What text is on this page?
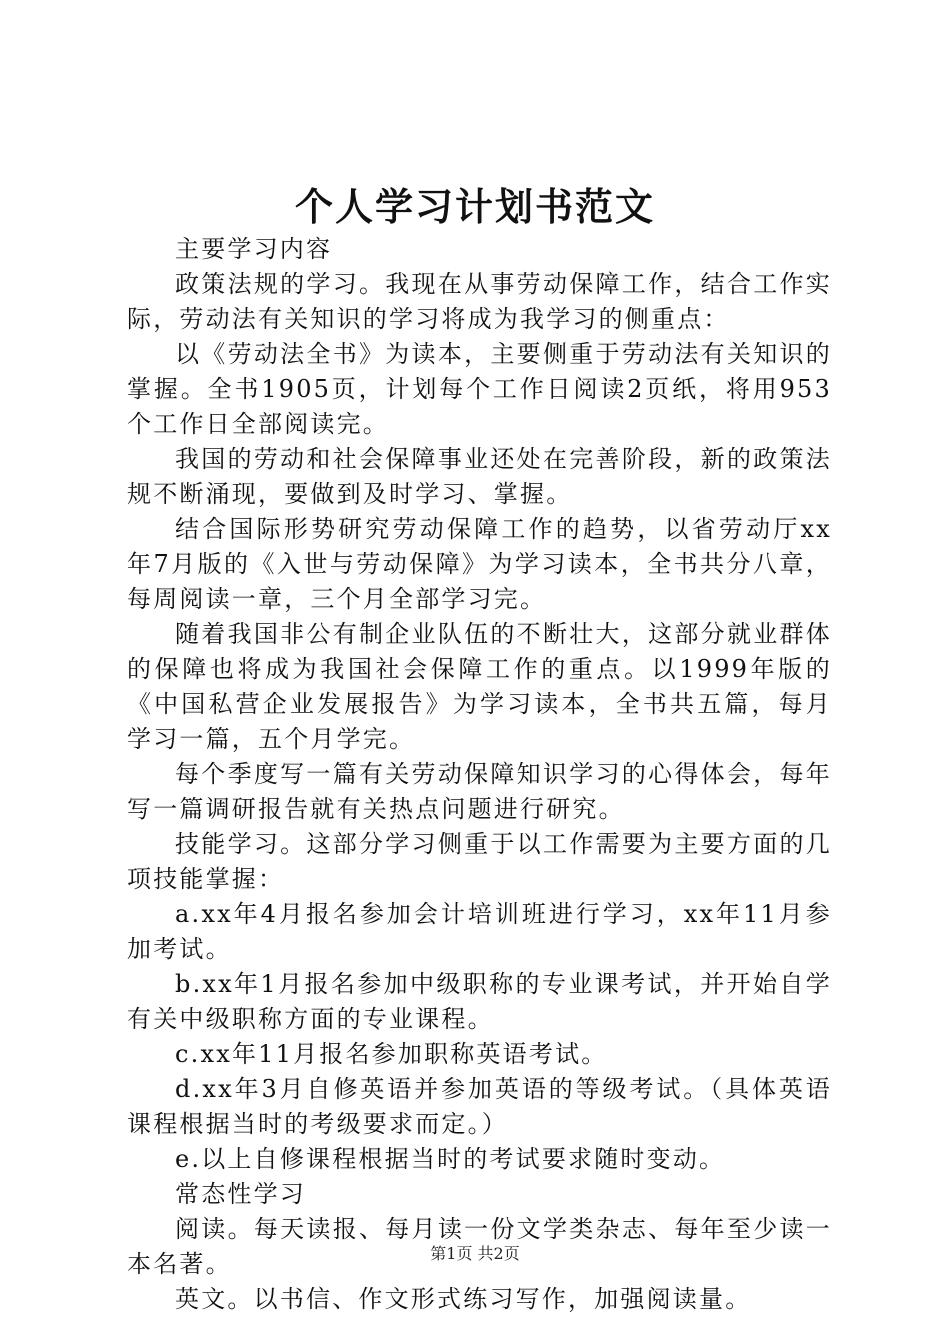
个人学习计划书范文

主要学习内容

政策法规的学习。我现在从事劳动保障工作，结合工作实际，劳动法有关知识的学习将成为我学习的侧重点：

以《劳动法全书》为读本，主要侧重于劳动法有关知识的掌握。全书1905页，计划每个工作日阅读2页纸，将用953个工作日全部阅读完。

我国的劳动和社会保障事业还处在完善阶段，新的政策法规不断涌现，要做到及时学习、掌握。

结合国际形势研究劳动保障工作的趋势，以省劳动厅xx年7月版的《入世与劳动保障》为学习读本，全书共分八章，每周阅读一章，三个月全部学习完。

随着我国非公有制企业队伍的不断壮大，这部分就业群体的保障也将成为我国社会保障工作的重点。以1999年版的《中国私营企业发展报告》为学习读本，全书共五篇，每月学习一篇，五个月学完。

每个季度写一篇有关劳动保障知识学习的心得体会，每年写一篇调研报告就有关热点问题进行研究。

技能学习。这部分学习侧重于以工作需要为主要方面的几项技能掌握：

a.xx年4月报名参加会计培训班进行学习，xx年11月参加考试。

b.xx年1月报名参加中级职称的专业课考试，并开始自学有关中级职称方面的专业课程。

c.xx年11月报名参加职称英语考试。

d.xx年3月自修英语并参加英语的等级考试。（具体英语课程根据当时的考级要求而定。）

e.以上自修课程根据当时的考试要求随时变动。

常态性学习

阅读。每天读报、每月读一份文学类杂志、每年至少读一本名著。

英文。以书信、作文形式练习写作，加强阅读量。

第1页 共2页
